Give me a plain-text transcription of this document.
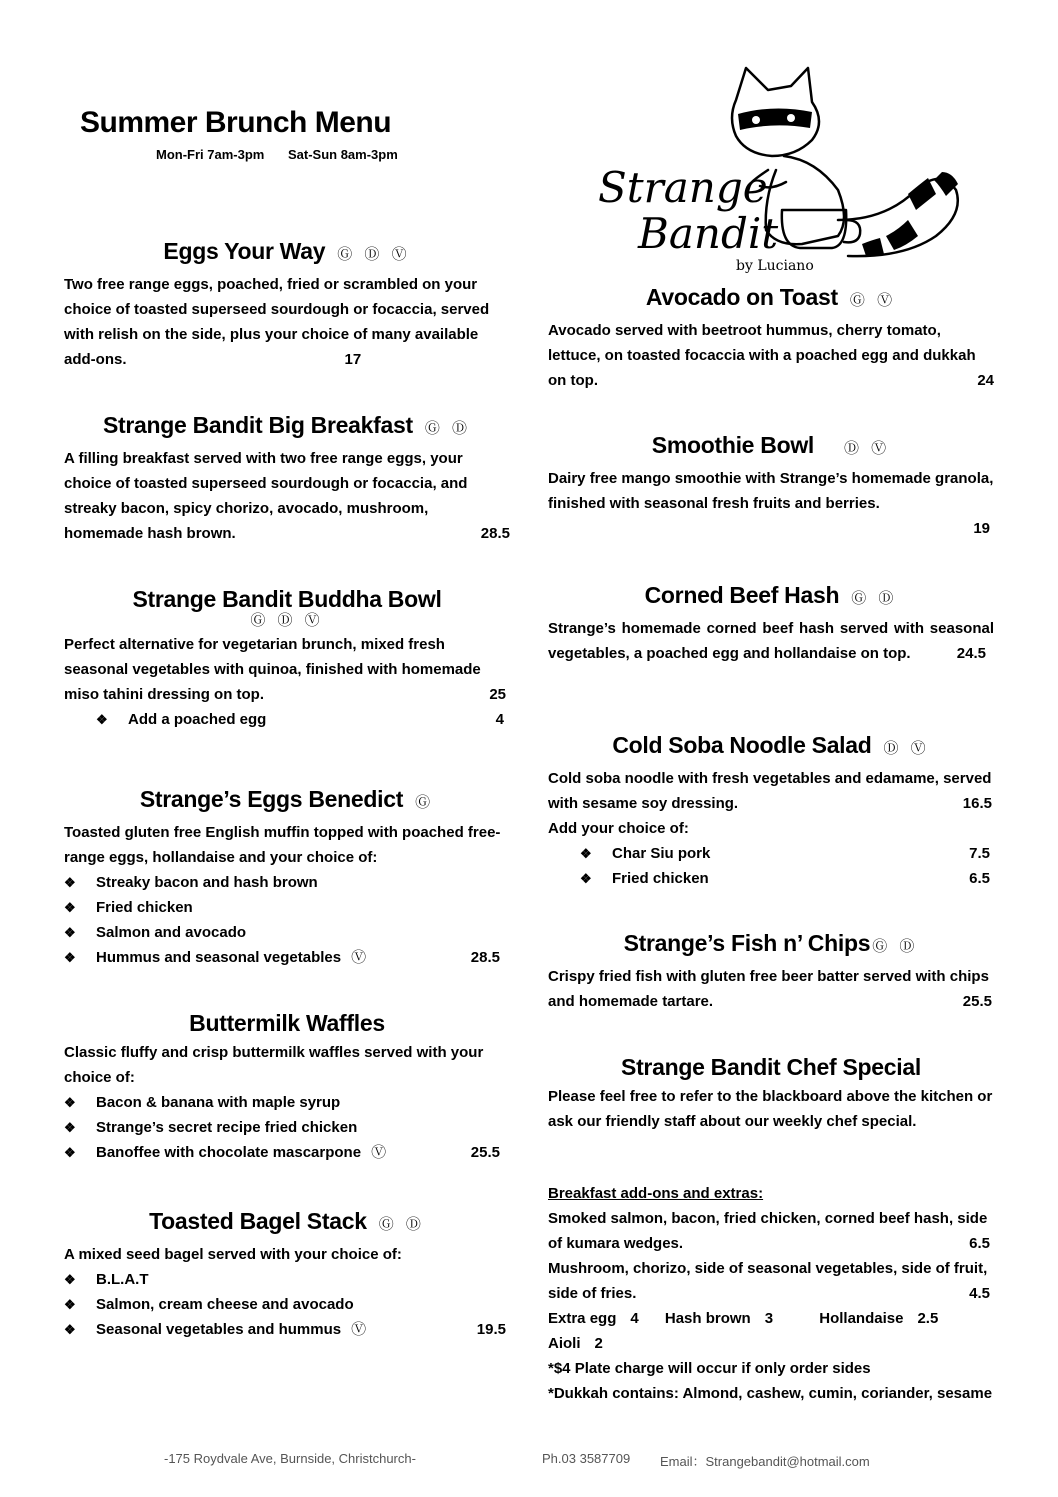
Summer Brunch Menu
Mon-Fri 7am-3pm Sat-Sun 8am-3pm
Strange
Bandit
by Luciano
Eggs Your Way Ⓖ Ⓓ Ⓥ

Two free range eggs, poached, fried or scrambled on your choice of toasted superseed sourdough or focaccia, served with relish on the side, plus your choice of many available add-ons.	17

Strange Bandit Big Breakfast Ⓖ Ⓓ

A filling breakfast served with two free range eggs, your choice of toasted superseed sourdough or focaccia, and streaky bacon, spicy chorizo, avocado, mushroom, homemade hash brown.	28.5

Strange Bandit Buddha Bowl
Ⓖ Ⓓ Ⓥ

Perfect alternative for vegetarian brunch, mixed fresh seasonal vegetables with quinoa, finished with homemade miso tahini dressing on top.	25

❖	Add a poached egg	4
Strange’s Eggs Benedict Ⓖ

Toasted gluten free English muffin topped with poached free-range eggs, hollandaise and your choice of:

❖	Streaky bacon and hash brown
❖	Fried chicken
❖	Salmon and avocado
❖	Hummus and seasonal vegetables Ⓥ	28.5
Buttermilk Waffles

Classic fluffy and crisp buttermilk waffles served with your choice of:

❖	Bacon & banana with maple syrup
❖	Strange’s secret recipe fried chicken
❖	Banoffee with chocolate mascarpone Ⓥ	25.5
Toasted Bagel Stack Ⓖ Ⓓ

A mixed seed bagel served with your choice of:

❖	B.L.A.T
❖	Salmon, cream cheese and avocado
❖	Seasonal vegetables and hummus Ⓥ	19.5
Avocado on Toast Ⓖ Ⓥ

Avocado served with beetroot hummus, cherry tomato, lettuce, on toasted focaccia with a poached egg and dukkah on top.	24

Smoothie Bowl Ⓓ Ⓥ

Dairy free mango smoothie with Strange’s homemade granola, finished with seasonal fresh fruits and berries.

19
Corned Beef Hash Ⓖ Ⓓ

Strange’s homemade corned beef hash served with seasonal vegetables, a poached egg and hollandaise on top.	24.5

Cold Soba Noodle Salad Ⓓ Ⓥ

Cold soba noodle with fresh vegetables and edamame, served with sesame soy dressing.	16.5

Add your choice of:
❖	Char Siu pork	7.5
❖	Fried chicken	6.5
Strange’s Fish n’ Chips Ⓖ Ⓓ

Crispy fried fish with gluten free beer batter served with chips and homemade tartare.	25.5

Strange Bandit Chef Special

Please feel free to refer to the blackboard above the kitchen or ask our friendly staff about our weekly chef special.

Breakfast add-ons and extras:
Smoked salmon, bacon, fried chicken, corned beef hash, side of kumara wedges.	6.5
Mushroom, chorizo, side of seasonal vegetables, side of fruit, side of fries.	4.5
Extra egg 4 Hash brown 3	Hollandaise 2.5
Aioli 2
*$4 Plate charge will occur if only order sides
*Dukkah contains: Almond, cashew, cumin, coriander, sesame
-175 Roydvale Ave, Burnside, Christchurch-	Ph.03 3587709 Email：Strangebandit@hotmail.com
